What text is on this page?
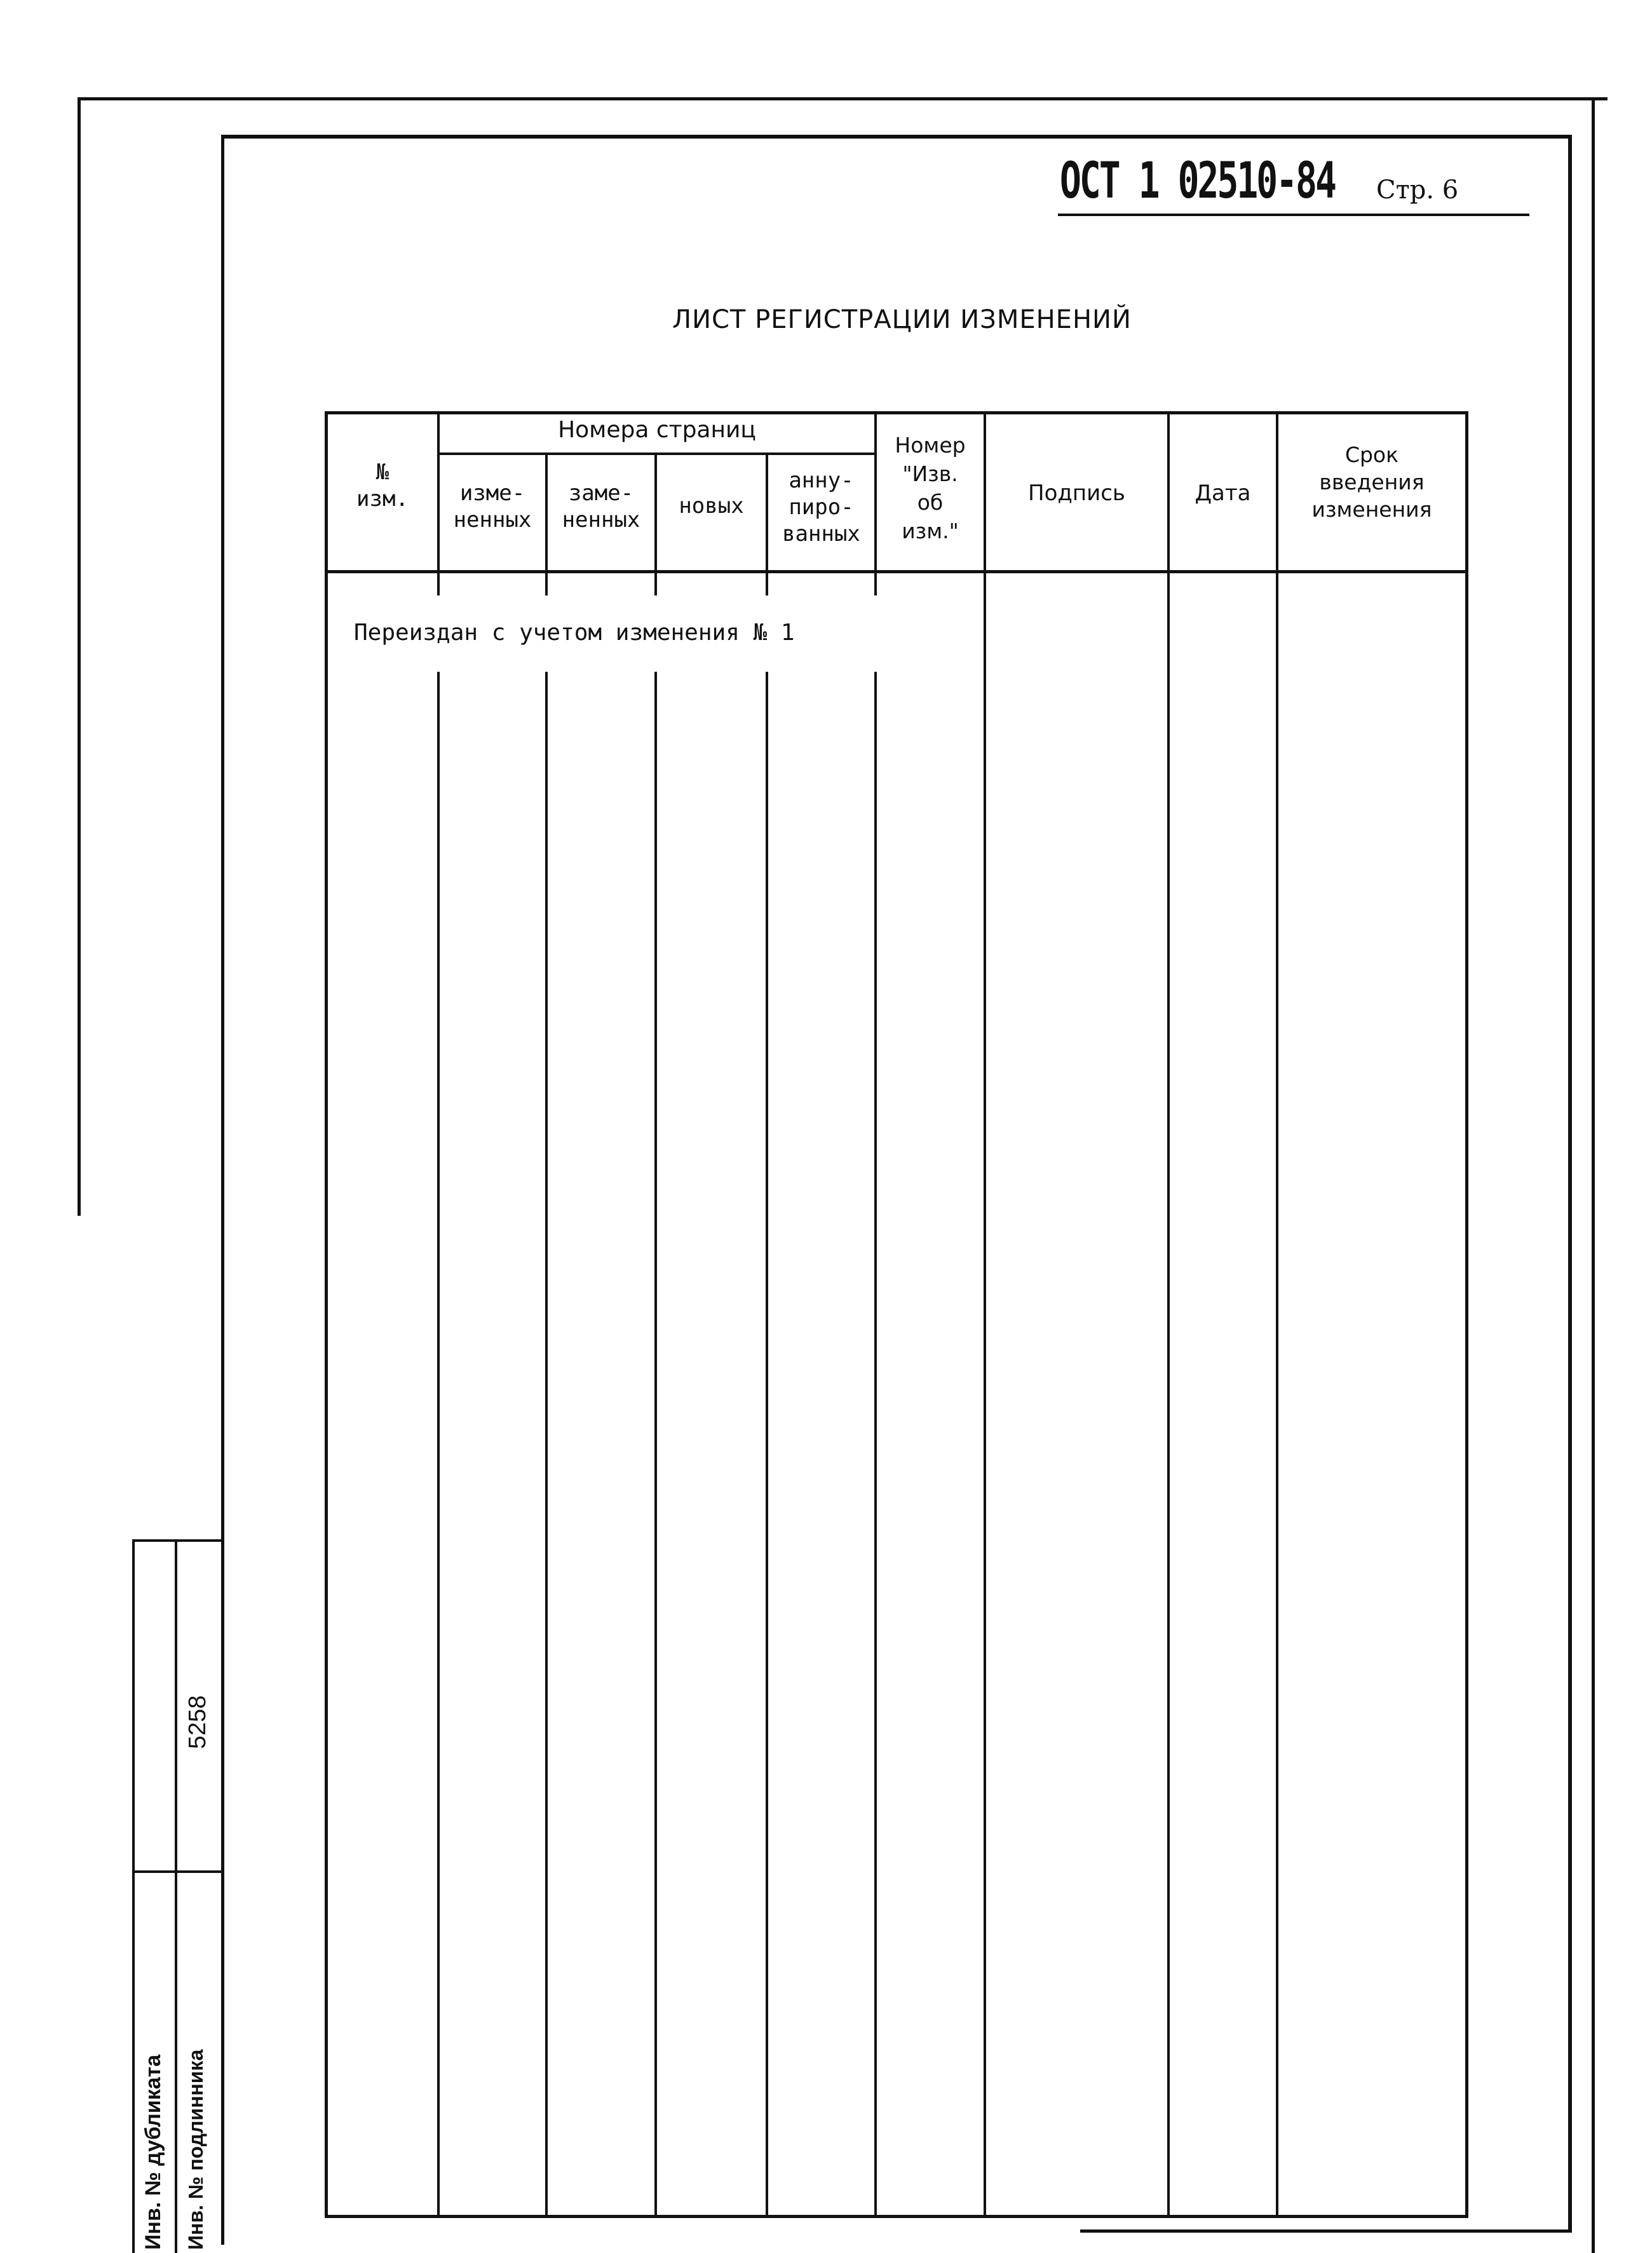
ОСТ 1 02510-84 Стр. 6
ЛИСТ РЕГИСТРАЦИИ ИЗМЕНЕНИЙ
№
изм.
Номера страниц
изме-
ненных
заме-
ненных
новых
анну-
пиро-
ванных
Номер
"Изв.
об
изм."
Подпись	Дата
Срок
введения
изменения
Переиздан с учетом изменения № 1
Инв. № дубликата Инв. № подлинника
5258
